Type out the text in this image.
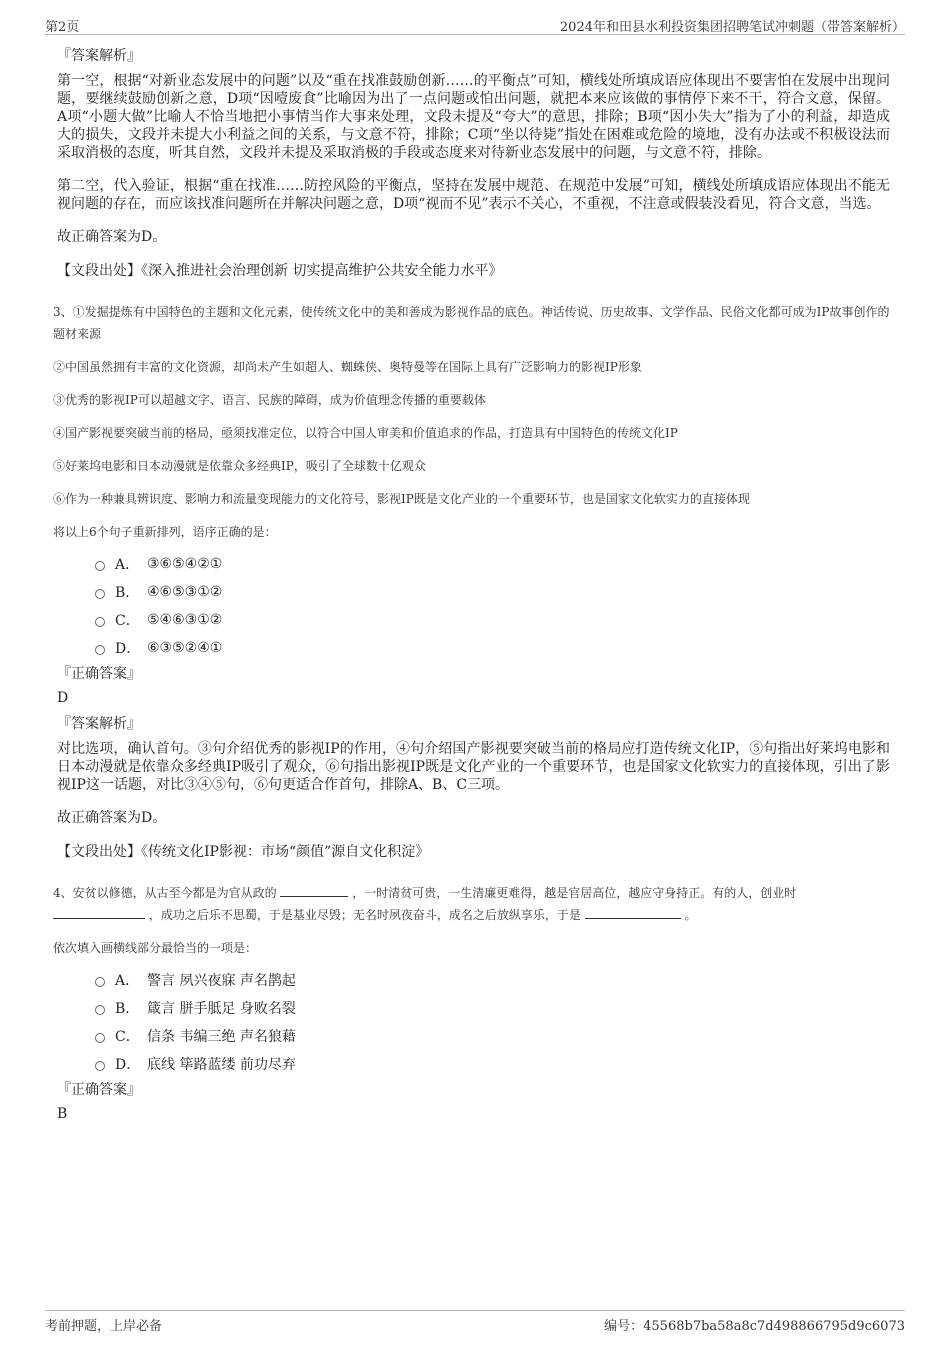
第2页	2024年和田县水利投资集团招聘笔试冲刺题（带答案解析）
『答案解析』
第一空，根据“对新业态发展中的问题”以及“重在找准鼓励创新……的平衡点”可知，横线处所填成语应体现出不要害怕在发展中出现问题，要继续鼓励创新之意，D项“因噎废食”比喻因为出了一点问题或怕出问题，就把本来应该做的事情停下来不干，符合文意，保留。A项“小题大做”比喻人不恰当地把小事情当作大事来处理，文段未提及“夸大”的意思，排除；B项“因小失大”指为了小的利益，却造成大的损失，文段并未提大小利益之间的关系，与文意不符，排除；C项“坐以待毙”指处在困难或危险的境地，没有办法或不积极设法而采取消极的态度，听其自然，文段并未提及采取消极的手段或态度来对待新业态发展中的问题，与文意不符，排除。
第二空，代入验证，根据“重在找准……防控风险的平衡点，坚持在发展中规范、在规范中发展”可知，横线处所填成语应体现出不能无视问题的存在，而应该找准问题所在并解决问题之意，D项“视而不见”表示不关心，不重视，不注意或假装没看见，符合文意，当选。
故正确答案为D。
【文段出处】《深入推进社会治理创新 切实提高维护公共安全能力水平》
3、①发掘提炼有中国特色的主题和文化元素，使传统文化中的美和善成为影视作品的底色。神话传说、历史故事、文学作品、民俗文化都可成为IP故事创作的题材来源
②中国虽然拥有丰富的文化资源，却尚未产生如超人、蜘蛛侠、奥特曼等在国际上具有广泛影响力的影视IP形象
③优秀的影视IP可以超越文字、语言、民族的障碍，成为价值理念传播的重要载体
④国产影视要突破当前的格局，亟须找准定位，以符合中国人审美和价值追求的作品，打造具有中国特色的传统文化IP
⑤好莱坞电影和日本动漫就是依靠众多经典IP，吸引了全球数十亿观众
⑥作为一种兼具辨识度、影响力和流量变现能力的文化符号，影视IP既是文化产业的一个重要环节，也是国家文化软实力的直接体现
将以上6个句子重新排列，语序正确的是：
A． ③⑥⑤④②①
B． ④⑥⑤③①②
C． ⑤④⑥③①②
D． ⑥③⑤②④①
『正确答案』
D
『答案解析』
对比选项，确认首句。③句介绍优秀的影视IP的作用，④句介绍国产影视要突破当前的格局应打造传统文化IP，⑤句指出好莱坞电影和日本动漫就是依靠众多经典IP吸引了观众，⑥句指出影视IP既是文化产业的一个重要环节，也是国家文化软实力的直接体现，引出了影视IP这一话题，对比③④⑤句，⑥句更适合作首句，排除A、B、C三项。
故正确答案为D。
【文段出处】《传统文化IP影视：市场“颜值”源自文化积淀》
4、安贫以修德，从古至今都是为官从政的	，一时清贫可贵，一生清廉更难得，越是官居高位，越应守身持正。有的人，创业时  ，成功之后乐不思蜀，于是基业尽毁；无名时夙夜奋斗，成名之后放纵享乐，于是	。
依次填入画横线部分最恰当的一项是：
A． 警言 夙兴夜寐 声名鹊起
B． 箴言 胼手胝足 身败名裂
C． 信条 韦编三绝 声名狼藉
D． 底线 筚路蓝缕 前功尽弃
『正确答案』
B
考前押题，上岸必备	编号：45568b7ba58a8c7d498866795d9c6073
